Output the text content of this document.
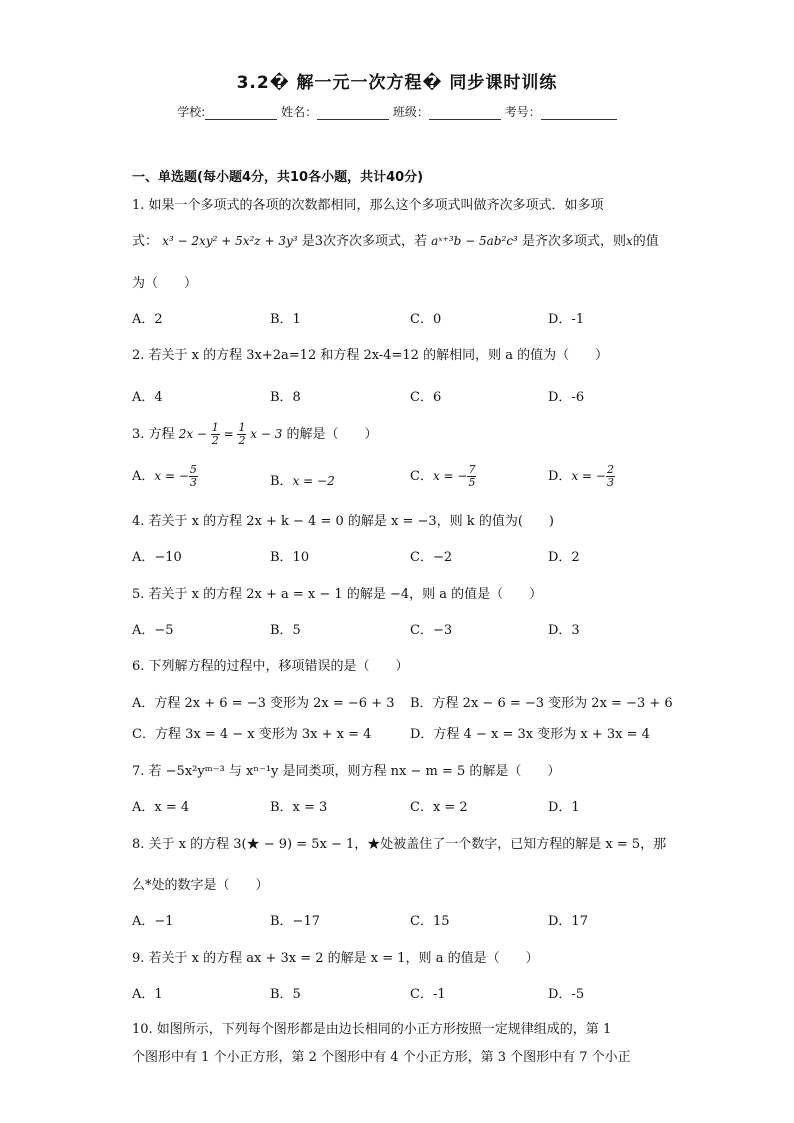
3.2� 解一元一次方程� 同步课时训练
学校:	姓名：	班级：	考号：
一、单选题(每小题4分，共10各小题，共计40分)
1. 如果一个多项式的各项的次数都相同，那么这个多项式叫做齐次多项式．如多项
式： x³ − 2xy² + 5x²z + 3y³ 是3次齐次多项式，若 aˣ⁺³b − 5ab²c³ 是齐次多项式，则x的值
为（　　）
A．2	B．1	C．0	D．-1
2. 若关于 x 的方程 3x+2a=12 和方程 2x-4=12 的解相同，则 a 的值为（　　）
A．4	B．8	C．6	D．-6
3. 方程 $2x - \frac{1}{2} = \frac{1}{2}$ x − 3 的解是（　　）
A．x = − $\frac{5}{3}$	B．x = −2	C．x = − $\frac{7}{5}$	D．x = − $\frac{2}{3}$
4. 若关于 x 的方程 2x + k − 4 = 0 的解是 x = −3，则 k 的值为(　　)
A．−10	B．10	C．−2	D．2
5. 若关于 x 的方程 2x + a = x − 1 的解是 −4，则 a 的值是（　　）
A．−5	B．5	C．−3	D．3
6. 下列解方程的过程中，移项错误的是（　　）
A．方程 2x + 6 = −3 变形为 2x = −6 + 3 B．方程 2x − 6 = −3 变形为 2x = −3 + 6
C．方程 3x = 4 − x 变形为 3x + x = 4	D．方程 4 − x = 3x 变形为 x + 3x = 4
7. 若 −5x²yᵐ⁻³ 与 xⁿ⁻¹y 是同类项，则方程 nx − m = 5 的解是（　　）
A．x = 4	B．x = 3	C．x = 2	D．1
8. 关于 x 的方程 3(★ − 9) = 5x − 1，★处被盖住了一个数字，已知方程的解是 x = 5，那
么*处的数字是（　　）
A．−1	B．−17	C．15	D．17
9. 若关于 x 的方程 ax + 3x = 2 的解是 x = 1，则 a 的值是（　　）
A．1	B．5	C．-1	D．-5
10. 如图所示，下列每个图形都是由边长相同的小正方形按照一定规律组成的，第 1
个图形中有 1 个小正方形，第 2 个图形中有 4 个小正方形，第 3 个图形中有 7 个小正
